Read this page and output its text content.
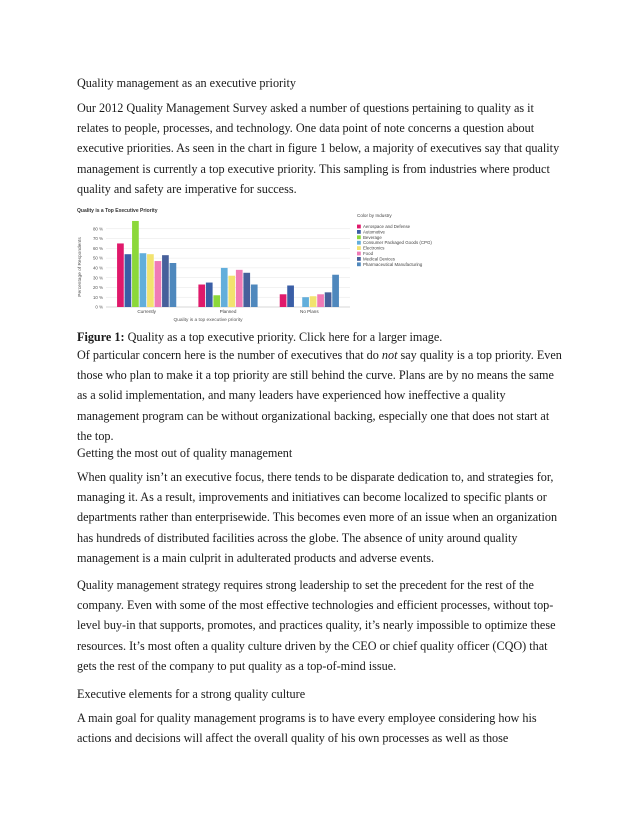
Quality management as an executive priority

Our 2012 Quality Management Survey asked a number of questions pertaining to quality as it relates to people, processes, and technology. One data point of note concerns a question about executive priorities. As seen in the chart in figure 1 below, a majority of executives say that quality management is currently a top executive priority. This sampling is from industries where product quality and safety are imperative for success.

Quality is a Top Executive Priority
Percentage of Respondents
0 %
10 %
20 %
30 %
40 %
50 %
60 %
70 %
80 %
Currently	Planned	No Plans
Quality is a top executive priority
Color by Industry
Aerospace and Defense
Automotive
Beverage
Consumer Packaged Goods (CPG)
Electronics
Food
Medical Devices
Pharmaceutical Manufacturing

Figure 1: Quality as a top executive priority. Click here for a larger image.

Of particular concern here is the number of executives that do not say quality is a top priority. Even those who plan to make it a top priority are still behind the curve. Plans are by no means the same as a solid implementation, and many leaders have experienced how ineffective a quality management program can be without organizational backing, especially one that does not start at the top.

Getting the most out of quality management

When quality isn’t an executive focus, there tends to be disparate dedication to, and strategies for, managing it. As a result, improvements and initiatives can become localized to specific plants or departments rather than enterprisewide. This becomes even more of an issue when an organization has hundreds of distributed facilities across the globe. The absence of unity around quality management is a main culprit in adulterated products and adverse events.

Quality management strategy requires strong leadership to set the precedent for the rest of the company. Even with some of the most effective technologies and efficient processes, without top-level buy-in that supports, promotes, and practices quality, it’s nearly impossible to optimize these resources. It’s most often a quality culture driven by the CEO or chief quality officer (CQO) that gets the rest of the company to put quality as a top-of-mind issue.

Executive elements for a strong quality culture

A main goal for quality management programs is to have every employee considering how his actions and decisions will affect the overall quality of his own processes as well as those
